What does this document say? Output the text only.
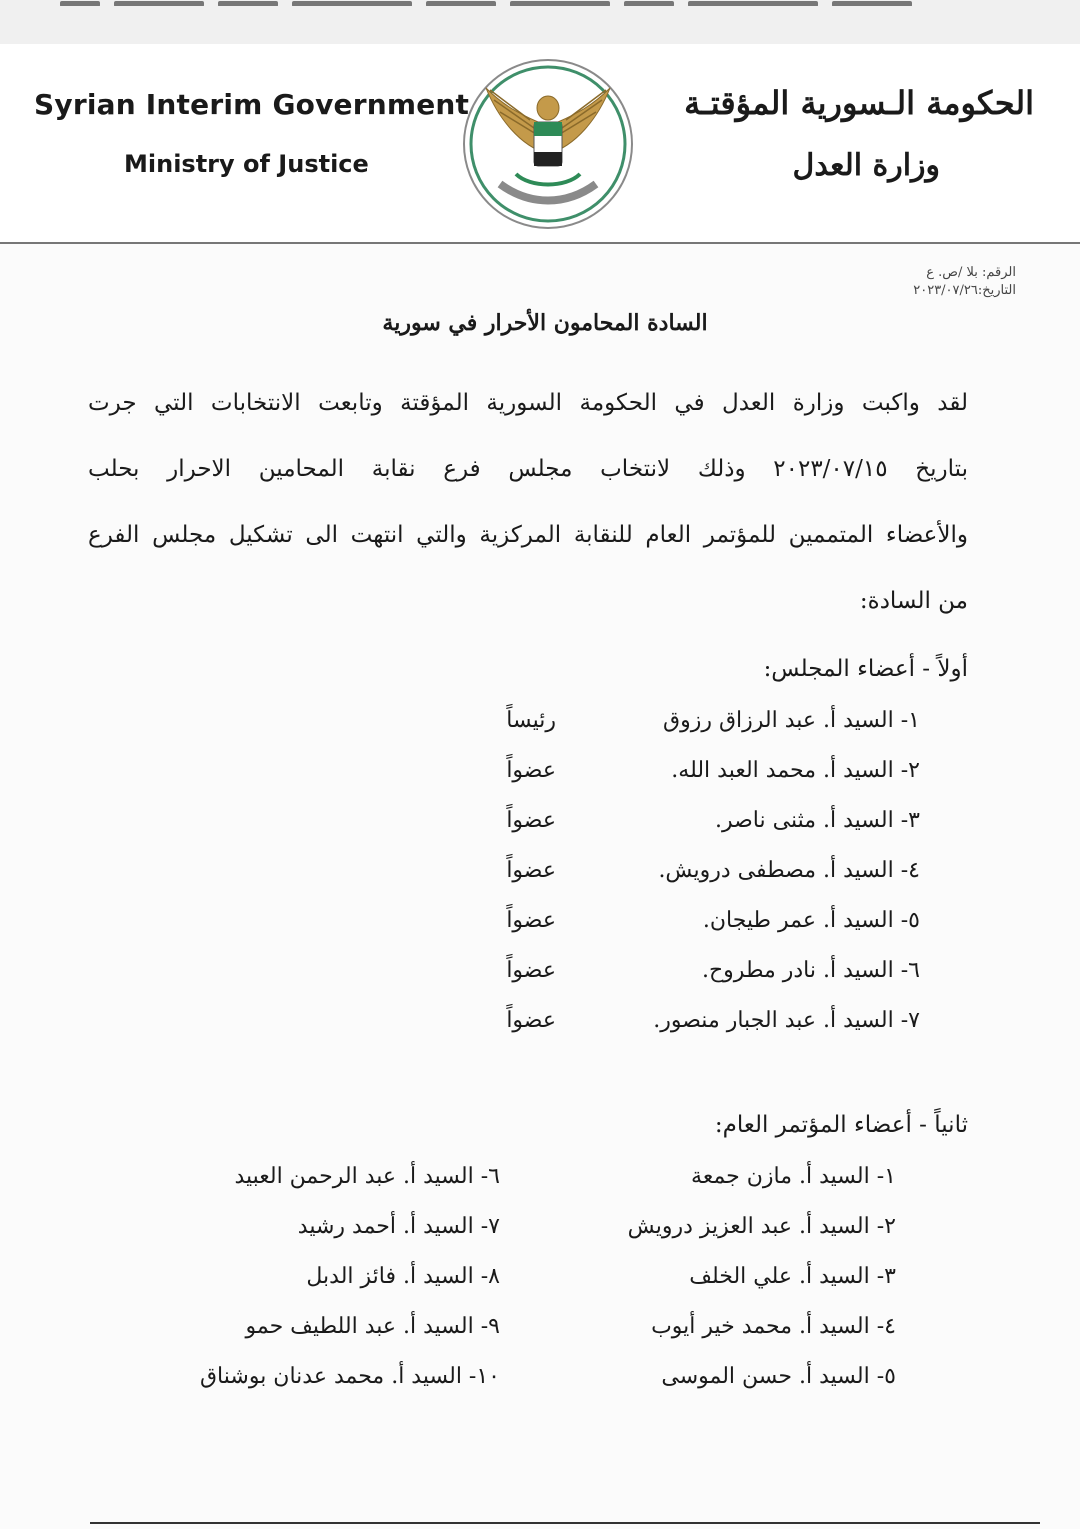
Syrian Interim Government
Ministry of Justice
الحكومة الـسورية المؤقتـة
وزارة العدل
الرقم: بلا /ص. ع
التاريخ:٢٠٢٣/٠٧/٢٦
السادة المحامون الأحرار في سورية
لقد واكبت وزارة العدل في الحكومة السورية المؤقتة وتابعت الانتخابات التي جرت
بتاريخ ٢٠٢٣/٠٧/١٥ وذلك لانتخاب مجلس فرع نقابة المحامين الاحرار بحلب
والأعضاء المتممين للمؤتمر العام للنقابة المركزية والتي انتهت الى تشكيل مجلس الفرع
من السادة:
أولاً - أعضاء المجلس:
١- السيد أ. عبد الرزاق رزوق
رئيساً
٢- السيد أ. محمد العبد الله.
عضواً
٣- السيد أ. مثنى ناصر.
عضواً
٤- السيد أ. مصطفى درويش.
عضواً
٥- السيد أ. عمر طيجان.
عضواً
٦- السيد أ. نادر مطروح.
عضواً
٧- السيد أ. عبد الجبار منصور.
عضواً
ثانياً - أعضاء المؤتمر العام:
١- السيد أ. مازن جمعة
٢- السيد أ. عبد العزيز درويش
٣- السيد أ. علي الخلف
٤- السيد أ. محمد خير أيوب
٥- السيد أ. حسن الموسى
٦- السيد أ. عبد الرحمن العبيد
٧- السيد أ. أحمد رشيد
٨- السيد أ. فائز الدبل
٩- السيد أ. عبد اللطيف حمو
١٠- السيد أ. محمد عدنان بوشناق
